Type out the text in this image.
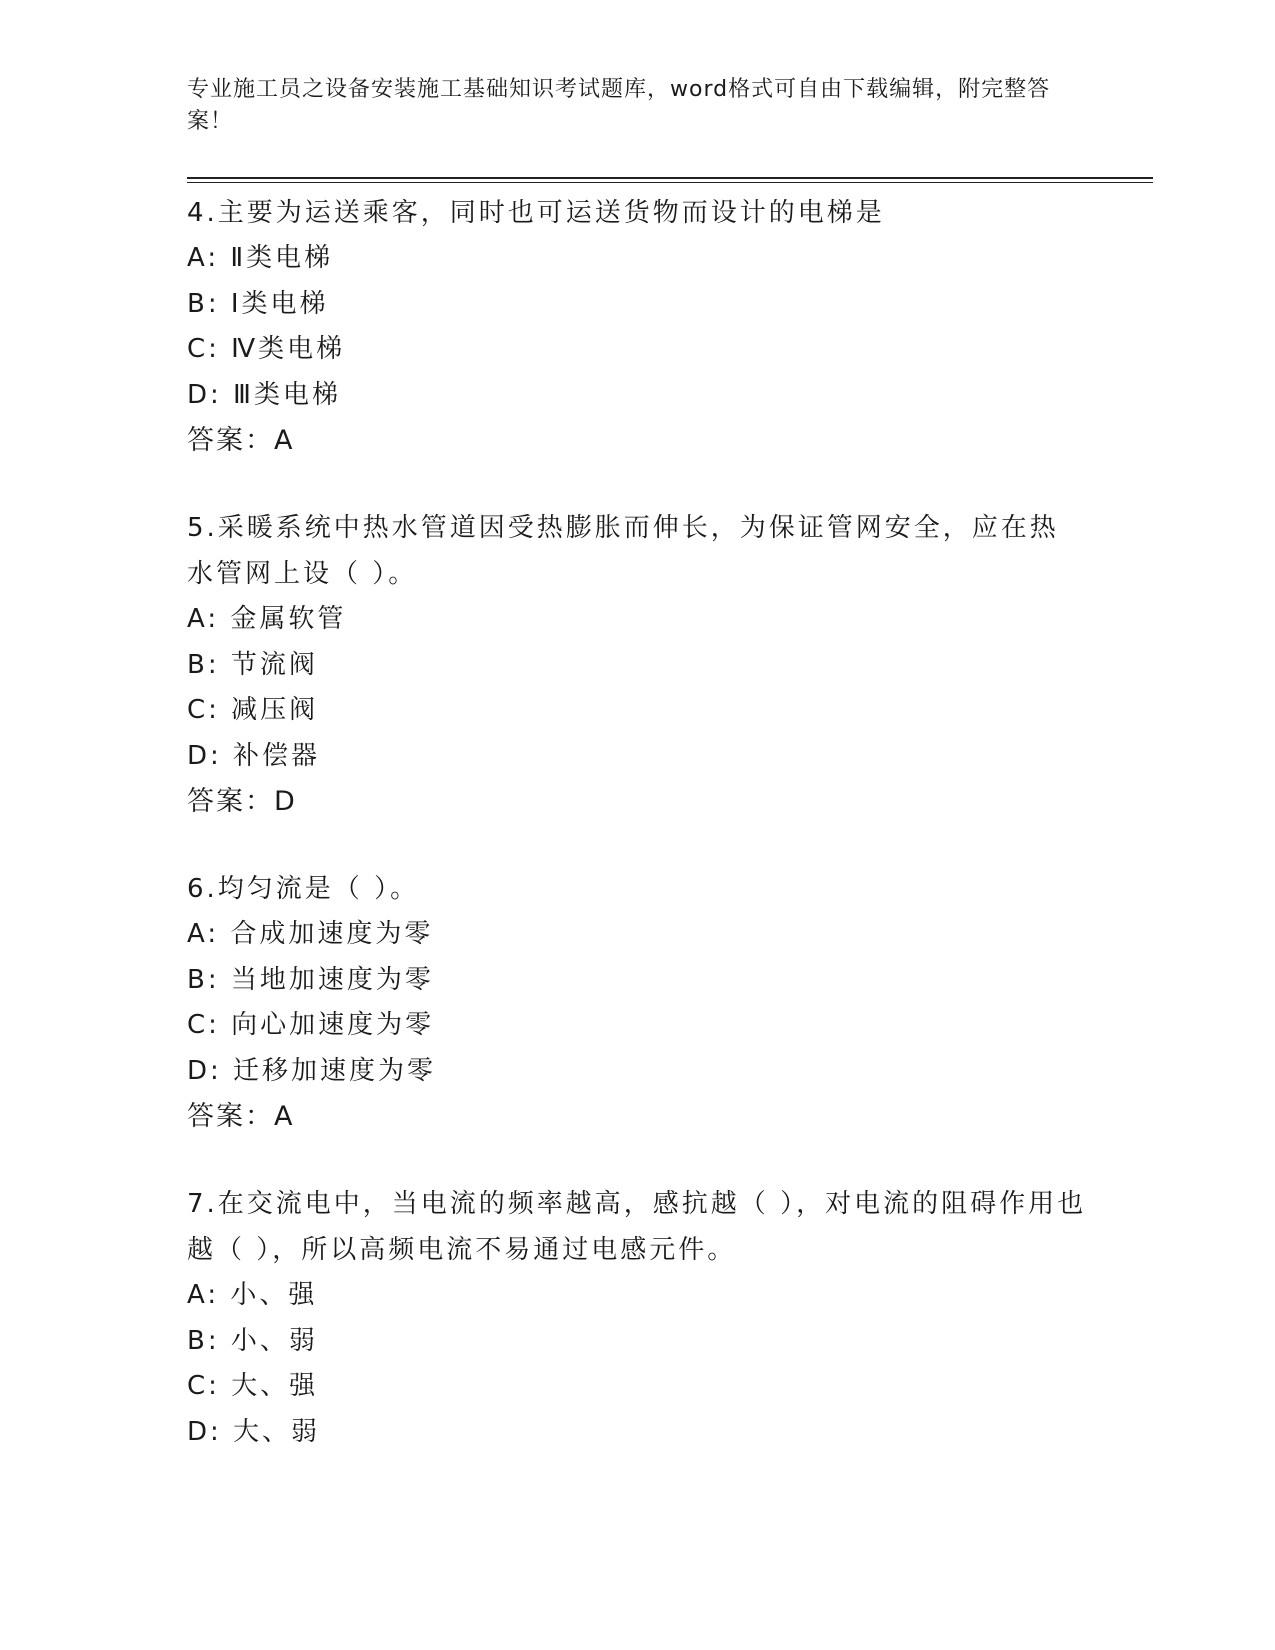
专业施工员之设备安装施工基础知识考试题库，word格式可自由下载编辑，附完整答案！

4.主要为运送乘客，同时也可运送货物而设计的电梯是

A: Ⅱ类电梯

B: Ⅰ类电梯

C: Ⅳ类电梯

D: Ⅲ类电梯

答案：A

5.采暖系统中热水管道因受热膨胀而伸长，为保证管网安全，应在热水管网上设（ ）。

A: 金属软管

B: 节流阀

C: 减压阀

D: 补偿器

答案：D

6.均匀流是（ ）。

A: 合成加速度为零

B: 当地加速度为零

C: 向心加速度为零

D: 迁移加速度为零

答案：A

7.在交流电中，当电流的频率越高，感抗越（ ），对电流的阻碍作用也越（ ），所以高频电流不易通过电感元件。

A: 小、强

B: 小、弱

C: 大、强

D: 大、弱
